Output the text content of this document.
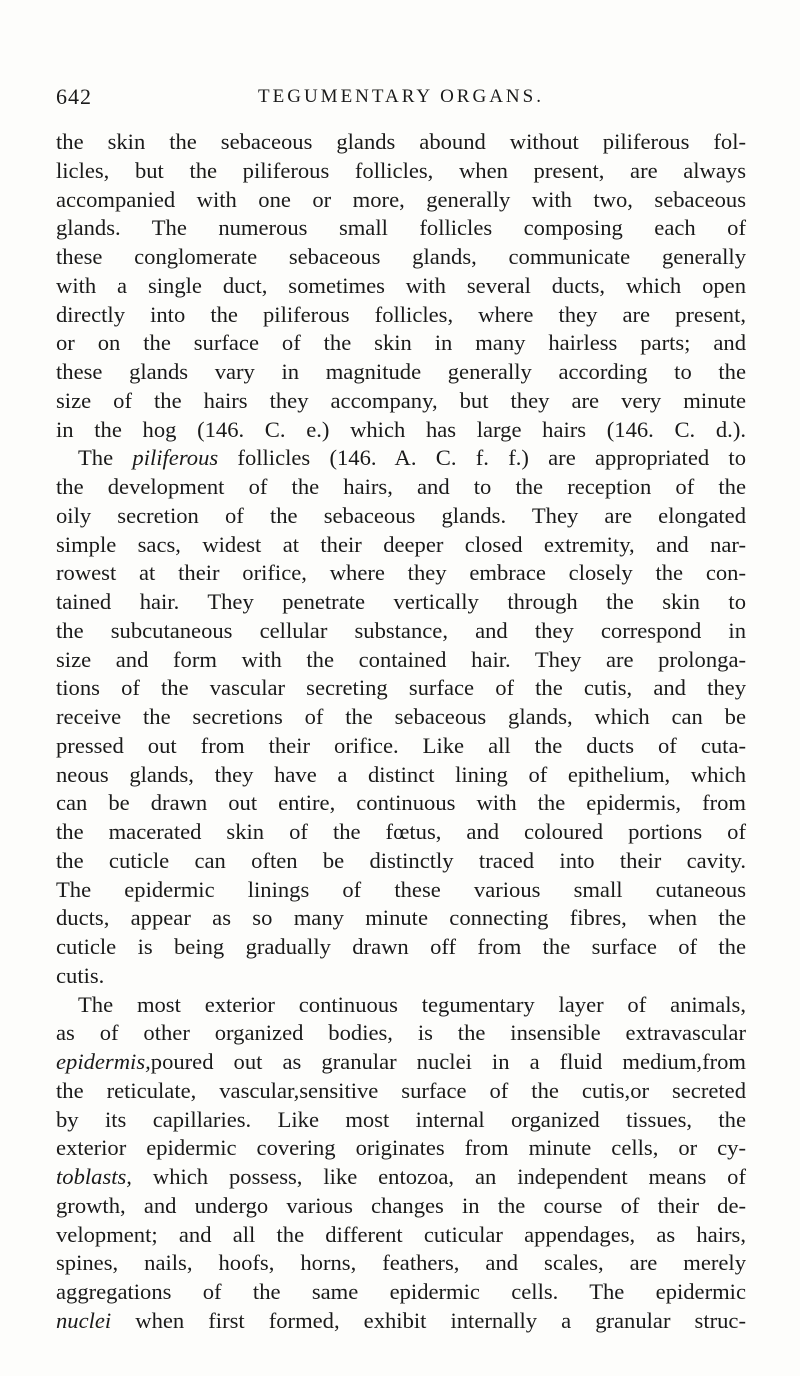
642	TEGUMENTARY ORGANS.
the skin the sebaceous glands abound without piliferous fol-
licles, but the piliferous follicles, when present, are always
accompanied with one or more, generally with two, sebaceous
glands. The numerous small follicles composing each of
these conglomerate sebaceous glands, communicate generally
with a single duct, sometimes with several ducts, which open
directly into the piliferous follicles, where they are present,
or on the surface of the skin in many hairless parts; and
these glands vary in magnitude generally according to the
size of the hairs they accompany, but they are very minute
in the hog (146. C. e.) which has large hairs (146. C. d.).
The piliferous follicles (146. A. C. f. f.) are appropriated to
the development of the hairs, and to the reception of the
oily secretion of the sebaceous glands. They are elongated
simple sacs, widest at their deeper closed extremity, and nar-
rowest at their orifice, where they embrace closely the con-
tained hair. They penetrate vertically through the skin to
the subcutaneous cellular substance, and they correspond in
size and form with the contained hair. They are prolonga-
tions of the vascular secreting surface of the cutis, and they
receive the secretions of the sebaceous glands, which can be
pressed out from their orifice. Like all the ducts of cuta-
neous glands, they have a distinct lining of epithelium, which
can be drawn out entire, continuous with the epidermis, from
the macerated skin of the fœtus, and coloured portions of
the cuticle can often be distinctly traced into their cavity.
The epidermic linings of these various small cutaneous
ducts, appear as so many minute connecting fibres, when the
cuticle is being gradually drawn off from the surface of the
cutis.
The most exterior continuous tegumentary layer of animals,
as of other organized bodies, is the insensible extravascular
epidermis,poured out as granular nuclei in a fluid medium,from
the reticulate, vascular,sensitive surface of the cutis,or secreted
by its capillaries. Like most internal organized tissues, the
exterior epidermic covering originates from minute cells, or cy-
toblasts, which possess, like entozoa, an independent means of
growth, and undergo various changes in the course of their de-
velopment; and all the different cuticular appendages, as hairs,
spines, nails, hoofs, horns, feathers, and scales, are merely
aggregations of the same epidermic cells. The epidermic
nuclei when first formed, exhibit internally a granular struc-
